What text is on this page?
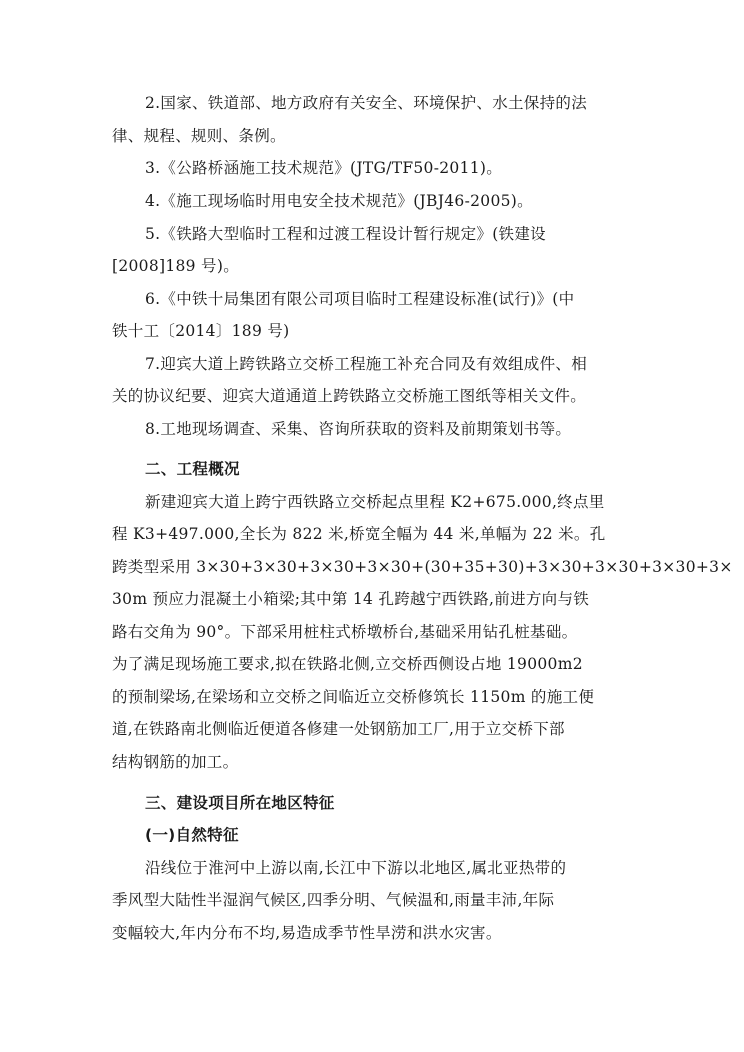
2.国家、铁道部、地方政府有关安全、环境保护、水土保持的法
律、规程、规则、条例。
3.《公路桥涵施工技术规范》(JTG/TF50-2011)。
4.《施工现场临时用电安全技术规范》(JBJ46-2005)。
5.《铁路大型临时工程和过渡工程设计暂行规定》(铁建设
[2008]189 号)。
6.《中铁十局集团有限公司项目临时工程建设标准(试行)》(中
铁十工〔2014〕189 号)
7.迎宾大道上跨铁路立交桥工程施工补充合同及有效组成件、相
关的协议纪要、迎宾大道通道上跨铁路立交桥施工图纸等相关文件。
8.工地现场调查、采集、咨询所获取的资料及前期策划书等。
二、工程概况
新建迎宾大道上跨宁西铁路立交桥起点里程 K2+675.000,终点里
程 K3+497.000,全长为 822 米,桥宽全幅为 44 米,单幅为 22 米。孔
跨类型采用 3×30+3×30+3×30+3×30+(30+35+30)+3×30+3×30+3×30+3×
30m 预应力混凝土小箱梁;其中第 14 孔跨越宁西铁路,前进方向与铁
路右交角为 90°。下部采用桩柱式桥墩桥台,基础采用钻孔桩基础。
为了满足现场施工要求,拟在铁路北侧,立交桥西侧设占地 19000m2
的预制梁场,在梁场和立交桥之间临近立交桥修筑长 1150m 的施工便
道,在铁路南北侧临近便道各修建一处钢筋加工厂,用于立交桥下部
结构钢筋的加工。
三、建设项目所在地区特征
(一)自然特征
沿线位于淮河中上游以南,长江中下游以北地区,属北亚热带的
季风型大陆性半湿润气候区,四季分明、气候温和,雨量丰沛,年际
变幅较大,年内分布不均,易造成季节性旱涝和洪水灾害。
